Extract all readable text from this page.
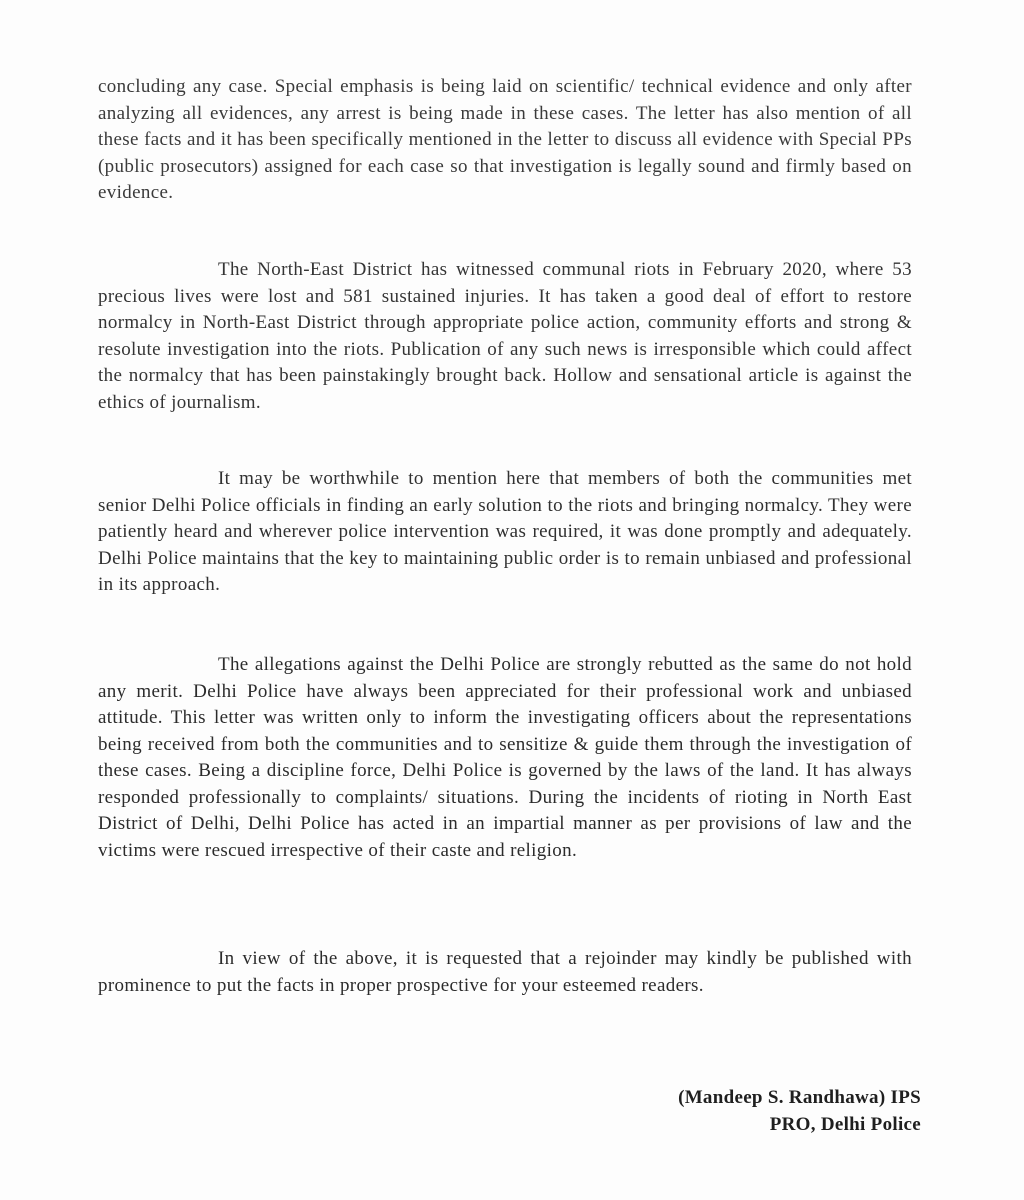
concluding any case. Special emphasis is being laid on scientific/ technical evidence and only after analyzing all evidences, any arrest is being made in these cases. The letter has also mention of all these facts and it has been specifically mentioned in the letter to discuss all evidence with Special PPs (public prosecutors) assigned for each case so that investigation is legally sound and firmly based on evidence.

The North-East District has witnessed communal riots in February 2020, where 53 precious lives were lost and 581 sustained injuries. It has taken a good deal of effort to restore normalcy in North-East District through appropriate police action, community efforts and strong & resolute investigation into the riots. Publication of any such news is irresponsible which could affect the normalcy that has been painstakingly brought back. Hollow and sensational article is against the ethics of journalism.

It may be worthwhile to mention here that members of both the communities met senior Delhi Police officials in finding an early solution to the riots and bringing normalcy. They were patiently heard and wherever police intervention was required, it was done promptly and adequately. Delhi Police maintains that the key to maintaining public order is to remain unbiased and professional in its approach.

The allegations against the Delhi Police are strongly rebutted as the same do not hold any merit. Delhi Police have always been appreciated for their professional work and unbiased attitude. This letter was written only to inform the investigating officers about the representations being received from both the communities and to sensitize & guide them through the investigation of these cases. Being a discipline force, Delhi Police is governed by the laws of the land. It has always responded professionally to complaints/ situations. During the incidents of rioting in North East District of Delhi, Delhi Police has acted in an impartial manner as per provisions of law and the victims were rescued irrespective of their caste and religion.

In view of the above, it is requested that a rejoinder may kindly be published with prominence to put the facts in proper prospective for your esteemed readers.

(Mandeep S. Randhawa) IPS
PRO, Delhi Police
